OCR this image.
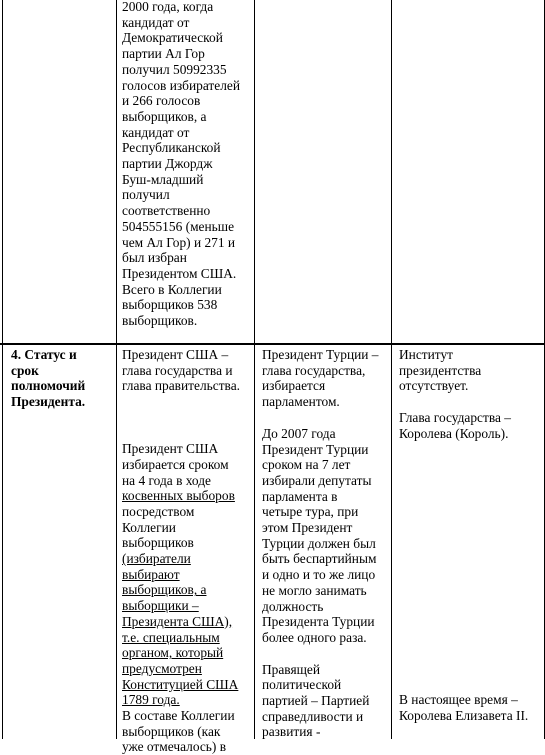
2000 года, когда

кандидат от

Демократической

партии Ал Гор

получил 50992335

голосов избирателей

и 266 голосов

выборщиков, а

кандидат от

Республиканской

партии Джордж

Буш-младший

получил

соответственно

504555156 (меньше

чем Ал Гор) и 271 и

был избран

Президентом США.

Всего в Коллегии

выборщиков 538

выборщиков.

4. Статус и

срок

полномочий

Президента.

Президент США –

глава государства и

глава правительства.

Президент США

избирается сроком

на 4 года в ходе

косвенных выборов

посредством

Коллегии

выборщиков

(избиратели

выбирают

выборщиков, а

выборщики –

Президента США),

т.е. специальным

органом, который

предусмотрен

Конституцией США

1789 года.

В составе Коллегии

выборщиков (как

уже отмечалось) в

Президент Турции –

глава государства,

избирается

парламентом.

До 2007 года

Президент Турции

сроком на 7 лет

избирали депутаты

парламента в

четыре тура, при

этом Президент

Турции должен был

быть беспартийным

и одно и то же лицо

не могло занимать

должность

Президента Турции

более одного раза.

Правящей

политической

партией – Партией

справедливости и

развития -

Институт

президентства

отсутствует.

Глава государства –

Королева (Король).

В настоящее время –

Королева Елизавета II.
